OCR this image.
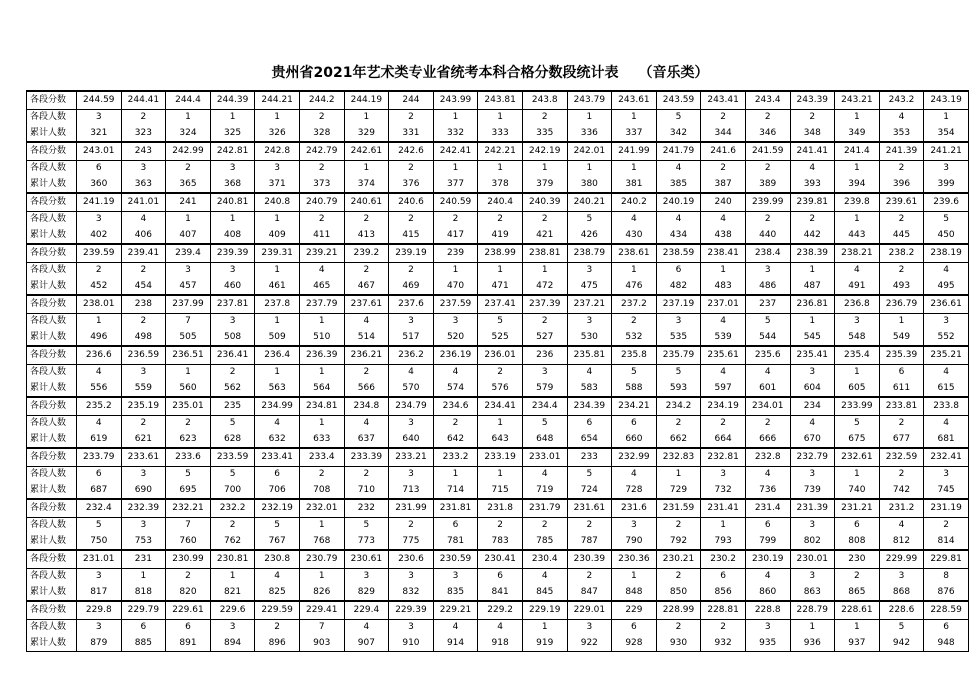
贵州省2021年艺术类专业省统考本科合格分数段统计表 （音乐类）
各段分数	244.59	244.41	244.4	244.39	244.21	244.2	244.19	244	243.99	243.81	243.8	243.79	243.61	243.59	243.41	243.4	243.39	243.21	243.2	243.19
各段人数	3	2	1	1	1	2	1	2	1	1	2	1	1	5	2	2	2	1	4	1
累计人数	321	323	324	325	326	328	329	331	332	333	335	336	337	342	344	346	348	349	353	354
各段分数	243.01	243	242.99	242.81	242.8	242.79	242.61	242.6	242.41	242.21	242.19	242.01	241.99	241.79	241.6	241.59	241.41	241.4	241.39	241.21
各段人数	6	3	2	3	3	2	1	2	1	1	1	1	1	4	2	2	4	1	2	3
累计人数	360	363	365	368	371	373	374	376	377	378	379	380	381	385	387	389	393	394	396	399
各段分数	241.19	241.01	241	240.81	240.8	240.79	240.61	240.6	240.59	240.4	240.39	240.21	240.2	240.19	240	239.99	239.81	239.8	239.61	239.6
各段人数	3	4	1	1	1	2	2	2	2	2	2	5	4	4	4	2	2	1	2	5
累计人数	402	406	407	408	409	411	413	415	417	419	421	426	430	434	438	440	442	443	445	450
各段分数	239.59	239.41	239.4	239.39	239.31	239.21	239.2	239.19	239	238.99	238.81	238.79	238.61	238.59	238.41	238.4	238.39	238.21	238.2	238.19
各段人数	2	2	3	3	1	4	2	2	1	1	1	3	1	6	1	3	1	4	2	4
累计人数	452	454	457	460	461	465	467	469	470	471	472	475	476	482	483	486	487	491	493	495
各段分数	238.01	238	237.99	237.81	237.8	237.79	237.61	237.6	237.59	237.41	237.39	237.21	237.2	237.19	237.01	237	236.81	236.8	236.79	236.61
各段人数	1	2	7	3	1	1	4	3	3	5	2	3	2	3	4	5	1	3	1	3
累计人数	496	498	505	508	509	510	514	517	520	525	527	530	532	535	539	544	545	548	549	552
各段分数	236.6	236.59	236.51	236.41	236.4	236.39	236.21	236.2	236.19	236.01	236	235.81	235.8	235.79	235.61	235.6	235.41	235.4	235.39	235.21
各段人数	4	3	1	2	1	1	2	4	4	2	3	4	5	5	4	4	3	1	6	4
累计人数	556	559	560	562	563	564	566	570	574	576	579	583	588	593	597	601	604	605	611	615
各段分数	235.2	235.19	235.01	235	234.99	234.81	234.8	234.79	234.6	234.41	234.4	234.39	234.21	234.2	234.19	234.01	234	233.99	233.81	233.8
各段人数	4	2	2	5	4	1	4	3	2	1	5	6	6	2	2	2	4	5	2	4
累计人数	619	621	623	628	632	633	637	640	642	643	648	654	660	662	664	666	670	675	677	681
各段分数	233.79	233.61	233.6	233.59	233.41	233.4	233.39	233.21	233.2	233.19	233.01	233	232.99	232.83	232.81	232.8	232.79	232.61	232.59	232.41
各段人数	6	3	5	5	6	2	2	3	1	1	4	5	4	1	3	4	3	1	2	3
累计人数	687	690	695	700	706	708	710	713	714	715	719	724	728	729	732	736	739	740	742	745
各段分数	232.4	232.39	232.21	232.2	232.19	232.01	232	231.99	231.81	231.8	231.79	231.61	231.6	231.59	231.41	231.4	231.39	231.21	231.2	231.19
各段人数	5	3	7	2	5	1	5	2	6	2	2	2	3	2	1	6	3	6	4	2
累计人数	750	753	760	762	767	768	773	775	781	783	785	787	790	792	793	799	802	808	812	814
各段分数	231.01	231	230.99	230.81	230.8	230.79	230.61	230.6	230.59	230.41	230.4	230.39	230.36	230.21	230.2	230.19	230.01	230	229.99	229.81
各段人数	3	1	2	1	4	1	3	3	3	6	4	2	1	2	6	4	3	2	3	8
累计人数	817	818	820	821	825	826	829	832	835	841	845	847	848	850	856	860	863	865	868	876
各段分数	229.8	229.79	229.61	229.6	229.59	229.41	229.4	229.39	229.21	229.2	229.19	229.01	229	228.99	228.81	228.8	228.79	228.61	228.6	228.59
各段人数	3	6	6	3	2	7	4	3	4	4	1	3	6	2	2	3	1	1	5	6
累计人数	879	885	891	894	896	903	907	910	914	918	919	922	928	930	932	935	936	937	942	948
